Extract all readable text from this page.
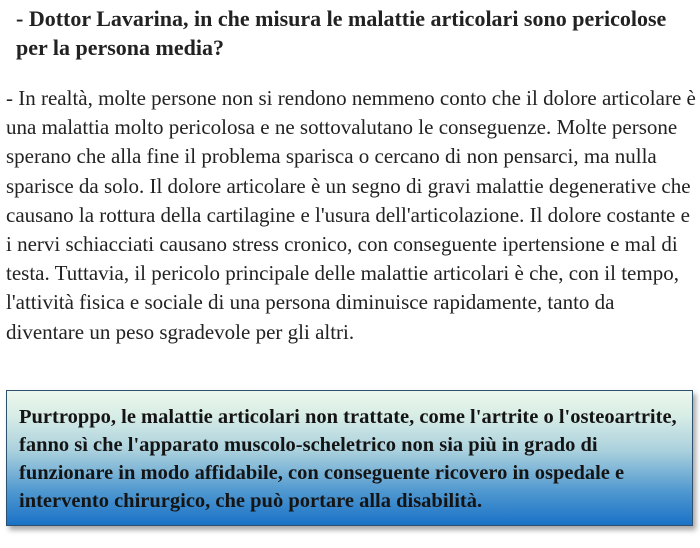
- Dottor Lavarina, in che misura le malattie articolari sono pericolose per la persona media?

- In realtà, molte persone non si rendono nemmeno conto che il dolore articolare è una malattia molto pericolosa e ne sottovalutano le conseguenze. Molte persone sperano che alla fine il problema sparisca o cercano di non pensarci, ma nulla sparisce da solo. Il dolore articolare è un segno di gravi malattie degenerative che causano la rottura della cartilagine e l'usura dell'articolazione. Il dolore costante e i nervi schiacciati causano stress cronico, con conseguente ipertensione e mal di testa. Tuttavia, il pericolo principale delle malattie articolari è che, con il tempo, l'attività fisica e sociale di una persona diminuisce rapidamente, tanto da diventare un peso sgradevole per gli altri.

Purtroppo, le malattie articolari non trattate, come l'artrite o l'osteoartrite, fanno sì che l'apparato muscolo-scheletrico non sia più in grado di funzionare in modo affidabile, con conseguente ricovero in ospedale e intervento chirurgico, che può portare alla disabilità.
